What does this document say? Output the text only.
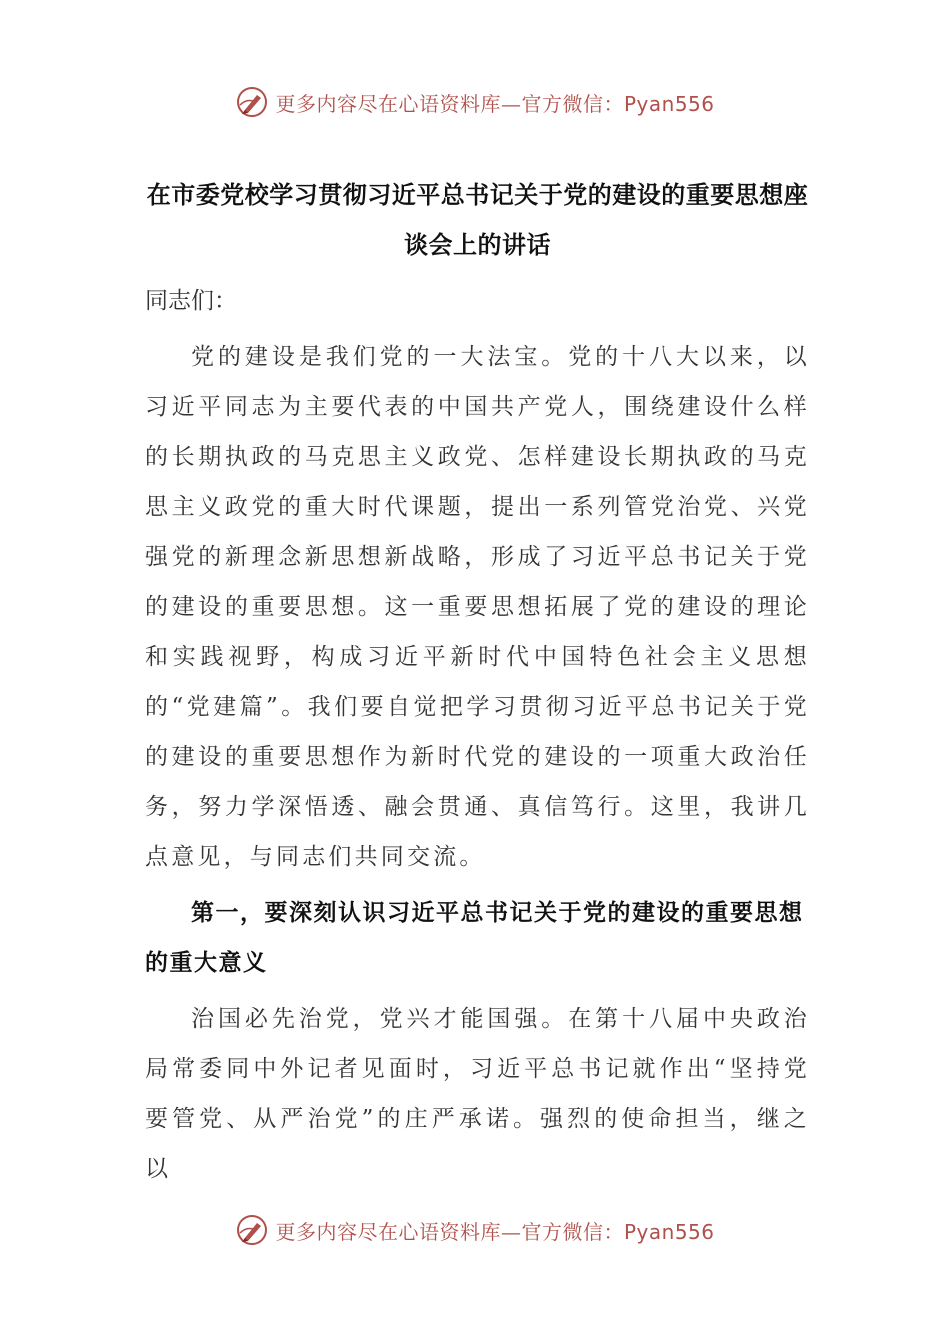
更多内容尽在心语资料库—官方微信：Pyan556
在市委党校学习贯彻习近平总书记关于党的建设的重要思想座谈会上的讲话

同志们：

党的建设是我们党的一大法宝。党的十八大以来，以习近平同志为主要代表的中国共产党人，围绕建设什么样的长期执政的马克思主义政党、怎样建设长期执政的马克思主义政党的重大时代课题，提出一系列管党治党、兴党强党的新理念新思想新战略，形成了习近平总书记关于党的建设的重要思想。这一重要思想拓展了党的建设的理论和实践视野，构成习近平新时代中国特色社会主义思想的“党建篇”。我们要自觉把学习贯彻习近平总书记关于党的建设的重要思想作为新时代党的建设的一项重大政治任务，努力学深悟透、融会贯通、真信笃行。这里，我讲几点意见，与同志们共同交流。

第一，要深刻认识习近平总书记关于党的建设的重要思想的重大意义

治国必先治党，党兴才能国强。在第十八届中央政治局常委同中外记者见面时，习近平总书记就作出“坚持党要管党、从严治党”的庄严承诺。强烈的使命担当，继之以

更多内容尽在心语资料库—官方微信：Pyan556
